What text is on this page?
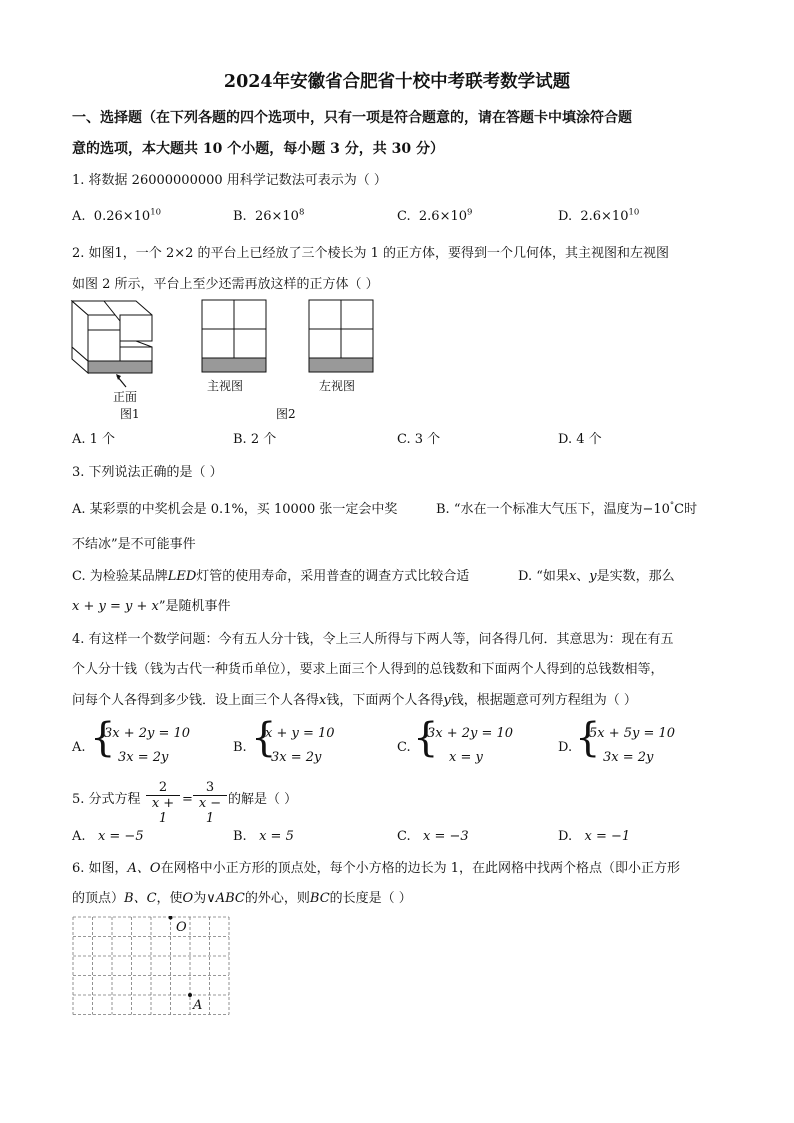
2024年安徽省合肥省十校中考联考数学试题
一、选择题（在下列各题的四个选项中，只有一项是符合题意的，请在答题卡中填涂符合题
意的选项，本大题共 10 个小题，每小题 3 分，共 30 分）
1. 将数据 26000000000 用科学记数法可表示为（ ）
A. $0.26\times 10^{10}$	B. $26\times 10^8$	C. $2.6\times 10^9$	D. $2.6\times 10^{10}$
2. 如图1，一个 2×2 的平台上已经放了三个棱长为 1 的正方体，要得到一个几何体，其主视图和左视图
如图 2 所示，平台上至少还需再放这样的正方体（ ）
正面
图1
主视图	左视图
图2
A. 1 个	B. 2 个	C. 3 个	D. 4 个
3. 下列说法正确的是（ ）
A. 某彩票的中奖机会是 0.1%，买 10000 张一定会中奖	B. “水在一个标准大气压下，温度为−10°C时
不结冰”是不可能事件
C. 为检验某品牌LED灯管的使用寿命，采用普查的调查方式比较合适	D. “如果x、y是实数，那么
x + y = y + x”是随机事件
4. 有这样一个数学问题：今有五人分十钱，令上三人所得与下两人等，问各得几何．其意思为：现在有五
个人分十钱（钱为古代一种货币单位），要求上面三个人得到的总钱数和下面两个人得到的总钱数相等，
问每个人各得到多少钱．设上面三个人各得x钱，下面两个人各得y钱，根据题意可列方程组为（ ）
A. {
3x + 2y = 10
3x = 2y
B. {
x + y = 10
3x = 2y
C. {
3x + 2y = 10
x = y
D. {
5x + 5y = 10
3x = 2y
5. 分式方程 $\frac{2}{x + 1} = \frac{3}{x - 1}$ 的解是（ ）
A. x = −5	B. x = 5	C. x = −3	D. x = −1
6. 如图，A、O在网格中小正方形的顶点处，每个小方格的边长为 1，在此网格中找两个格点（即小正方形
的顶点）B、C，使O为∨ABC的外心，则BC的长度是（ ）
O
A
